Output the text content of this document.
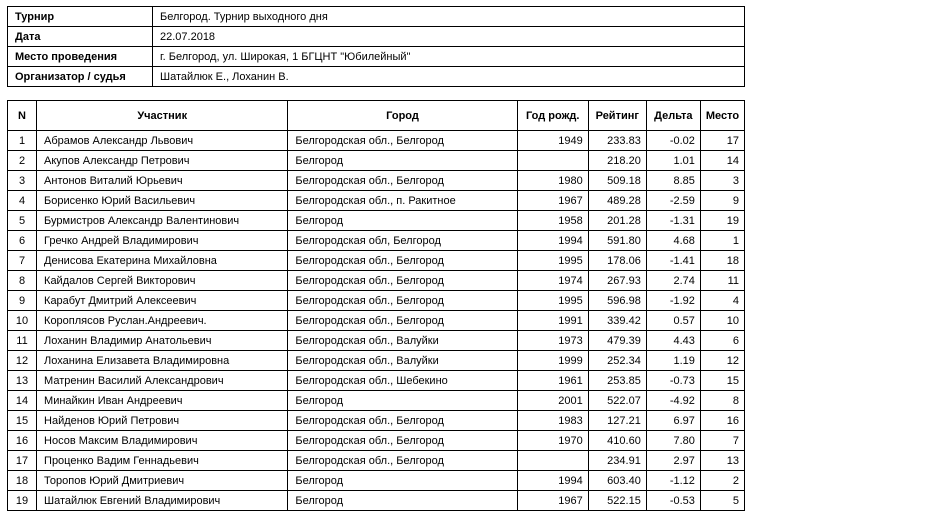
Турнир	Белгород. Турнир выходного дня
Дата	22.07.2018
Место проведения	г. Белгород, ул. Широкая, 1 БГЦНТ "Юбилейный"
Организатор / судья	Шатайлюк Е., Лоханин В.
N	Участник	Город	Год рожд.	Рейтинг	Дельта	Место
1	Абрамов Александр Львович	Белгородская обл., Белгород	1949	233.83	-0.02	17
2	Акупов Александр Петрович	Белгород		218.20	1.01	14
3	Антонов Виталий Юрьевич	Белгородская обл., Белгород	1980	509.18	8.85	3
4	Борисенко Юрий Васильевич	Белгородская обл., п. Ракитное	1967	489.28	-2.59	9
5	Бурмистров Александр Валентинович	Белгород	1958	201.28	-1.31	19
6	Гречко Андрей Владимирович	Белгородская обл, Белгород	1994	591.80	4.68	1
7	Денисова Екатерина Михайловна	Белгородская обл., Белгород	1995	178.06	-1.41	18
8	Кайдалов Сергей Викторович	Белгородская обл., Белгород	1974	267.93	2.74	11
9	Карабут Дмитрий Алексеевич	Белгородская обл., Белгород	1995	596.98	-1.92	4
10	Короплясов Руслан.Андреевич.	Белгородская обл., Белгород	1991	339.42	0.57	10
11	Лоханин Владимир Анатольевич	Белгородская обл., Валуйки	1973	479.39	4.43	6
12	Лоханина Елизавета Владимировна	Белгородская обл., Валуйки	1999	252.34	1.19	12
13	Матренин Василий Александрович	Белгородская обл., Шебекино	1961	253.85	-0.73	15
14	Минайкин Иван Андреевич	Белгород	2001	522.07	-4.92	8
15	Найденов Юрий Петрович	Белгородская обл., Белгород	1983	127.21	6.97	16
16	Носов Максим Владимирович	Белгородская обл., Белгород	1970	410.60	7.80	7
17	Проценко Вадим Геннадьевич	Белгородская обл., Белгород		234.91	2.97	13
18	Торопов Юрий Дмитриевич	Белгород	1994	603.40	-1.12	2
19	Шатайлюк Евгений Владимирович	Белгород	1967	522.15	-0.53	5
